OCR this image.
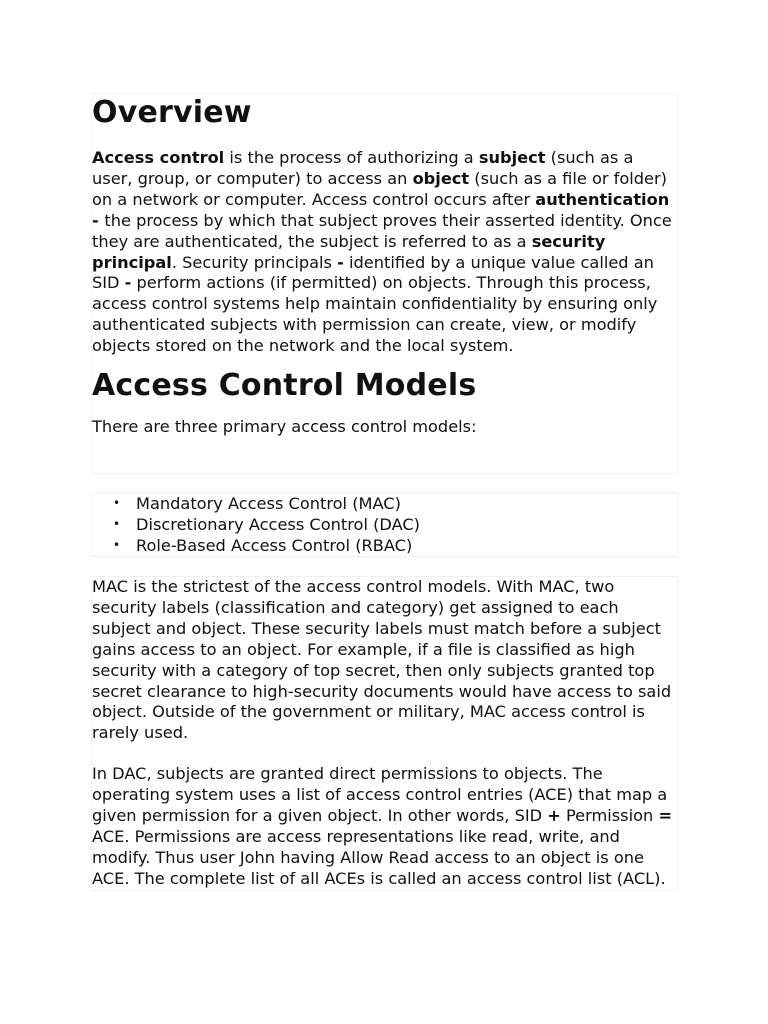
Overview

Access control is the process of authorizing a subject (such as a user, group, or computer) to access an object (such as a file or folder) on a network or computer. Access control occurs after authentication - the process by which that subject proves their asserted identity. Once they are authenticated, the subject is referred to as a security principal. Security principals - identified by a unique value called an SID - perform actions (if permitted) on objects. Through this process, access control systems help maintain confidentiality by ensuring only authenticated subjects with permission can create, view, or modify objects stored on the network and the local system.

Access Control Models

There are three primary access control models:

• Mandatory Access Control (MAC)
• Discretionary Access Control (DAC)
• Role-Based Access Control (RBAC)

MAC is the strictest of the access control models. With MAC, two security labels (classification and category) get assigned to each subject and object. These security labels must match before a subject gains access to an object. For example, if a file is classified as high security with a category of top secret, then only subjects granted top secret clearance to high-security documents would have access to said object. Outside of the government or military, MAC access control is rarely used.

In DAC, subjects are granted direct permissions to objects. The operating system uses a list of access control entries (ACE) that map a given permission for a given object. In other words, SID + Permission = ACE. Permissions are access representations like read, write, and modify. Thus user John having Allow Read access to an object is one ACE. The complete list of all ACEs is called an access control list (ACL).
